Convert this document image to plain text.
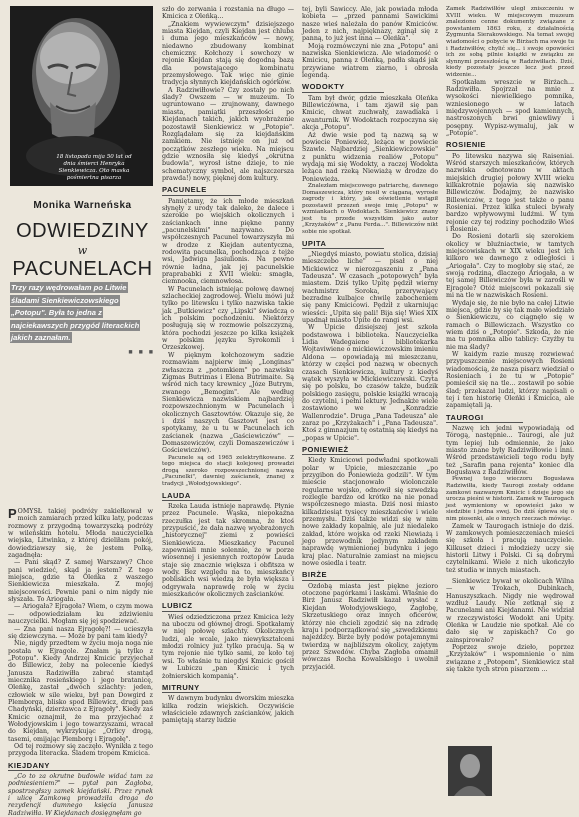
18 listopada mija 50 lat od dnia śmierci Henryka Sienkiewicza. Oto maska pośmiertna pisarza
Monika Warneńska
ODWIEDZINY
w
PACUNELACH
Trzy razy wędrowałam po Litwie śladami Sienkiewiczowskiego „Potopu". Była to jedna z najciekawszych przygód literackich jakich zaznałam.
■ ■ ■

POMYSŁ takiej podróży zakiełkował w moich zamiarach przed kilku laty, podczas rozmowy z przygodną towarzyszką podróży w wileńskim hotelu. Młoda nauczycielka wiejska, Litwinka, z której dzieliłam pokój, dowiedziawszy się, że jestem Polką, zagadnęła:

— Pani skąd? Z samej Warszawy? Chce pani wiedzieć, skąd ja jestem? Z tego miejsca, gdzie ta Oleńka z waszego Sienkiewicza mieszkała. Z mojej miejscowości. Pewnie pani o nim nigdy nie słyszała. To Ariogała.

— Ariogała? Ejragoła? Wiem, o czym mowa — odpowiedziałam ku zdziwieniu nauczycielki. Mogłam się jej spodziewać.

— Zna pani nasza Ejragołę?! — ucieszyła się dziewczyna. — Może by pani tam kiedy?

Nie, nigdy przedtem w życiu moja noga nie postała w Ejragole. Znałam ją tylko z „Potopu". Kiedy Andrzej Kmicic przyjechał do Billewicz, żeby na polecenie kiedyś Janusza Radziwiłła zabrać stamtąd miecznika rosieńskiego i jego bratanicę, Oleńkę, zastał „dwóch szlachty: jeden, człowiek w sile wieku, był pan Dowgird z Plemborga, blisko spod Billewicz, drugi pan Chadyński, dzierżawca z Ejragoły". Kiedy zaś Kmicic oznajmił, że ma przyjechać z Wołodyjowskim i jego towarzyszami, wracał do Kiejdan, wykrzykując „Orlicy drogą, tasemi, omijając Plemborg i Ejragołę".

Od tej rozmowy się zaczęło. Wynikła z tego przygoda literacka. Śladem tropem Kmicica.

KIEJDANY

„Co to za okrutne budowle widać tam za podniesieniem?" — pytał pan Zagłoba, spostrzegłszy zamek kiejdański. Przez rynek i ulicę Zamkową prowadziła droga do rezydencji dumnego księcia Janusza Radziwiłła. W Kiejdanach dosięgnęłam go

szło do zerwania i rozstania na długo — Kmicica z Oleńką...

„Znakiem wywiewczym" dzisiejszego miasta Kiejdan, czyli Kiejdan jest chluba i duma jego mieszkańców — nowy, niedawno zbudowany kombinat chemiczny. Kołchozy i sowchozy w rejonie Kiejdan stają się dogodną bazą dla powstającego kombinatu przemysłowego. Tak więc nie ginie tradycja słynnych kiejdańskich ogórków.

A Radziwiłłowie? Czy zostały po nich ślady? Owszem — w muzeum. To ugruntowano — zrujnowany, dawnego miasta, pamiątki przeszłości po Kiejdanach takich, jakich wyobrażenie pozostawił Sienkiewicz w „Potopie". Rozglądałam się za kiejdańskim zamkiem. Nie istnieje on już od początków zeszłego wieku. Na miejscu gdzie wznosiła się kiedyś „okrutna budowla", wyrosł istne dzieje, to nie schematyczny symbol, ale najszczersza prawda!) nowy, pięknej dom kultury.

PACUNELE

Pamiętamy, że ich młode mieszkań słynęły z urody tak daleko, że dalece i szerokie po wiejskich okolicznych i zaściankach inne piękne panny „pacunelskimi" nazywano. Do współczesnych Pacunel towarzyszyła mi w drodze z Kiejdan autentyczna, rodowita pacunelka, pochodząca z tejże wsi, Jadwiga Jasiulionis. Na pewno równie ładna, jak jej pacunelskie praprababki z XVII wieku: smagła, ciemnooka, ciemnowłosa.

W Pacunelach istniejąc połowę dawnej szlacheckiej zagrodowej. Wielu mówi już tylko po litewsku i tylko nazwiska takie jak „Butkiewicz" czy „Lipski" świadczą o ich polskim pochodzeniu. Niektórzy posługują się w rozmowie polszczyzną, która pochodzi jeszcze po kilka książek w polskim języku Syrokomli i Orzeszkowej.

W pięknym kołchozowym sadzie rozmawiam najpierw imię „Longinas" zwłaszcza z „potomkiem" po nazwisku Zigmas Butrimas i Elena Butrimaite. Są wśród nich tacy krewnicy „Józe Butrym, zwanego „Bemogim". Ale według Sienkiewicza nazwiskiem najbardziej rozpowszechnionym w Pacunelach i okolicznych Gasztowtów. Okazuje się, że i dziś naszych Gasztowt jest co spotykamy, że u tu w Pacunelach ich zaścianek (nazwa „Gaściewiczów" — Domaszewiczów, czyli Domaszewiczów i Gościewiczów).

Pacunele są od 1965 zelektryfikowane. Z tego miejsca do stacji kolejowej prowadzi drogą szeroko rozpowszechnionej nazwą „Pacunelki", dawniej zaścianek, znanej z tradycji „Wołodyjowskiego".

LAUDA

Rzeka Lauda istnieje naprawdę. Płynie przez Pacunele. Wąska, niepokaźna rzeczułka jest tak skromna, że ktoś przypuścić, że dała nazwę wyobrażonych „historycznej" ziemi z powieści Sienkiewicza. Mieszkańcy Pacunel zapewniali mnie solennie, że w porze wiosennej i jesiennych roztopów Lauda staje się znacznie większa i obfitsza w wody. Bez względu na to, mieszkańcy pobliskich wsi wiedzą że była większa i odgrywała naprawdę rolę w życiu mieszkańców okolicznych zaścianków.

LUBICZ

Wieś odziedziczona przez Kmicica leży na uboczu od głównej drogi. Spotkałamy w niej połowę szlachty. Okolicznych ludzi, ale wcale, jako niewykształceni młodzi rolnicy już tylko pracują. Są w tym rejonie nie tylko sami, ze koło tej wsi. To właśnie tu niegdyś Kmicic gościł w Lubiczu „pan Kmicic i tych żołnierskich kompanią".

MITRUNY

W dawnym budynku dworskim mieszka kilka rodzin wiejskich. Oczywiście właściciele zdawnych zaścianków, jakich pamiętają starzy ludzie

tej, byli Sawiccy. Ale, jak powiada młoda kobieta — „przed pannami Sawickimi nasze wieś należała do panów Kmiciców. Jeden z nich, najpięknazy, zginął się z panną, to już jest inna — Oleńka".

Moją rozmówczyni nie zna „Potopu" ani nazwiska Sienkiewicza. Ale wiadomość o Kmicicu, panną z Oleńką, padła skądś jak przywiane wiatrem ziarno, i obrosła legendą.

WODOKTY

Tam był dwór, gdzie mieszkała Oleńka Billewiczówna, i tam zjawił się pan Kmicic, chwat zuchwały, zawadiaka i awanturnik. W Wodoktach rozpoczyna się akcja „Potopu".

Aż dwie wsie pod tą nazwą są w powiecie Poniewież, leżąca w powiecie Szawle. Najbardziej „Sienkiewiczowskie" z punktu widzenia realiów „Potopu" wydają mi się Wodokty, a raczej Wodokta leżąca nad rzeką Niewiażą w drodze do Poniewieża.

Znalezłam miejscowego patriarchę, dawnego Domaszewicza, który nosił w ciąganą, wyrosłe zagrody i który, jak oświetlenie wstąpił pozostawił przezeń swoje imię „Potopu" w wzmiankach o Wodoktach. Sienkiewicz znany jest tu przede wszystkim jako autor „Krzyżaków" z „Panu Ferda...". Billewiczów nikt sobie nie spotkał.

UPITA

„Niegdyś miasto, powiatu stolica, dzisiaj mieszczebo liche" — pisał o niej Mickiewicz w nierozgaszeniu z „Pana Tadeusza". W czasach „potopowych" była miastem. Dziś tylko Upitę pędził wierny wachmistrz Soroka, przerywający bezradne kulbajce chwilę zabocheniem się pany Kmicicowi. Pędził z ukarniując wiesści: „Upita się pali! Bija się! Wieś XIX upadnął miasto Upite do rangi wsi.

W Upicie dzisiejszej jest szkoła podstawowa i biblioteka. Nauczycielka Lidia Wadegaiene i bibliotekarka Wojtaviwiene o mickiewiczowskim imieniu Aldona — opowiadają mi mieszczanu, którzy w części pod nazwą w obecnych czasach Sienkiewicza, kultury z kiedyś wątek wyszyła w Mickiewiczowski. Czyta się po polsku, bo czasów także, budzik polskiego zasięgu, polskie książki wracają do czytelni, i pełni lektury. Jednakże wiele zostawiono we w „Konradzie Wallenrodzie". Druga „Pana Tadeusza" ale zaraz po „Krzyżakach" i „Pana Tadeusza". Ktoś z gimnazjum tę ostatnią się kiedyś na „popas w Upicie".

PONIEWIEŻ

Kiedy Kmicicowi podwładni spotkowali polar w Upicie, mieszczanie „po przygibon do Poniewieża godzili". W tym mieście stacjonowało wiolonczele regularne wojsko, odnowił się szwedzką rozlegle bardzo od krótko na nie ponad współczesnego miasta. Dziś nosi miasto kilkadziesiąt tysięcy mieszkańców i wiele przemysłu. Dziś także widzi się w nim nowe zakłady kopalnię, ale już niedaleko zakład, które wojska od rzeki Niewiażą i jego przewodnik jedynym zakładem naprawdę wymienionej budynku i jego kraj plac. Naturalnie zamiast na miejscu nowe osiedla i teatr.

BIRŻE

Ozdobą miasta jest piękne jezioro otoczone pagórkami i laskami. Właśnie do Birż Janusz Radziwiłł kazał wysłać z Kiejdan Wołodyjowskiego, Zagłobę, Skrzetuskiego oraz innych oficerów, którzy nie chcieli zgodzić się na zdradę kraju i podporządkować się „szwedzkiemu najeźdźcy. Birże były podów potajemnymi twierdzą w najbliższym okolicy, zajętym przez Szwedów. Chyba Zagłoba omamił wówczas Rocha Kowalskiego i uwolnił przyjaciół.

Zamek Radziwiłłów uległ zniszczeniu w XVIII wieku. W miejscowym muzeum znaleziono cenne dokumenty związane z powstaniem 1863 roku, z działalnością Zygmunta Sierakowskiego. Na temat swojej wiadomości o pobycie w Birżach ma swoje tu i Radziwiłłów, chylić się... i swoje opowieści ich ze sobą pilnie książki w związku ze słynnymi przeszłością w Radziwiłłach. Dziś, kiedy pozostały jeszcze lecz jest przed widzenie...

Spotkałam wreszcie w Birżach... Radziwiłła. Spojrzał na mnie z wysokości niewielkiego pomnika, wzniesionego w latach międzywojennych — spod kamiennych, nastroszonych brwi gniewliwy i posępny. Wypisz-wymaluj, jak w „Potopie".

ROSIENIE

Po litewsku nazywa się Raiseniai. Wśród starszych mieszkańców, których nazwiska odnotowano w aktach miejskich drugiej połowy XVIII wieku kilkakrotnie pojawia się nazwisko Billewiczów. Dodajmy, że nazwisko Billewiczów, z tego jest także o panu Rosieniai. Przez kilka stuleci bywały bardzo wpływowymi ludźmi. W tym rejonie czy tej rodziny pochodziło Wieś i Rosienie.

Do Rosieni dotarli się szerokiem okolicy w bluźniactwie, w tamtych miejscowiskach w XIX wieku jest ich kilkoro we dawnego z odległości i „Ariogała". Czy to mogłoby się stać, ze swoją rodziną, dlaczego Ariogała, a w tej samej Billewiczów była w zarośli w Ejragole? Otóż miejscowi pokazali się mi na tle w nazwiskach Rosieni.

Wydaje się, że nie było na całej Litwie miejsca, gdzie by się tak mało wiedziało o Sienkiewiczu, co ciągnęło się w ramach o Billewiczach. Wszystko co wiem dziś o „Potopie". Szkoda, że nie ma tu pomnika albo tablicy: Czyżby tu nie ma ślady?

W kaidym razie muszę rozwiewać przypuszczenie miejscowych Rosieni wiadomością, że nasza pisarz wiedział o Rosieniach i że tu w „Potopie" pomieścił się na tle... zostawił po sobie ślad; przekazał ludzi, którzy napisali o tej i ten historię Oleńki i Kmicica, ale zapamiętali ją.

TAUROGI

Nazwę ich jedni wypowiadają od Tórogą, następnie... Taurogi, ale już tym lepiej lub odmiennie, że jako miasto znane były Radziwiłłowie i inni. Wśród przedstawicieli tego rodu były też „Sarafin pana rejenta" koniec dla Bogusława z Radziwiłłów.

Pewnej tego wieczoru Bogusława Radziwiłła, kiedy Taurogi zostały oddane zamkowi nazwanym Kmicic i dzieje jego się urocza pieśni w historii. Zamek w Taurogach jest wymieniony w opowieści jako w siedzibie i jedna swej. Do dziś śpiewa się o nim piosenki, ale o innych rzeczach mówiąc.

Zamek w Taurogach istnieje do dziś. W zamkowych pomieszczeniach mieści się szkoła i pracują nauczyciele. Kilkuset dzieci i młodzieży uczy się historii Litwy i Polski. Ci są dobrymi czytelnikami. Wiele z nich ukończyło też studia w innych miastach.

Sienkiewicz bywał w okolicach Wilna — w Trokach, Dubinkach, Hanuszyszkach. Nigdy nie wędrował wzdłuż Laudy. Nie zetknął się z Pacunelami ani Kiejdanami. Nie widział w rzeczywistości Wodokt ani Upity. Oleńka w Laudzie nie spotkał. Ale co dało się w zapiskach? Co go zainspirowało?

Poprzez swoje dzieło, poprzez „Krzyżaków" i wspomnienie o nim związane z „Potopem", Sienkiewicz stał się także tych stron pisarzem ...
